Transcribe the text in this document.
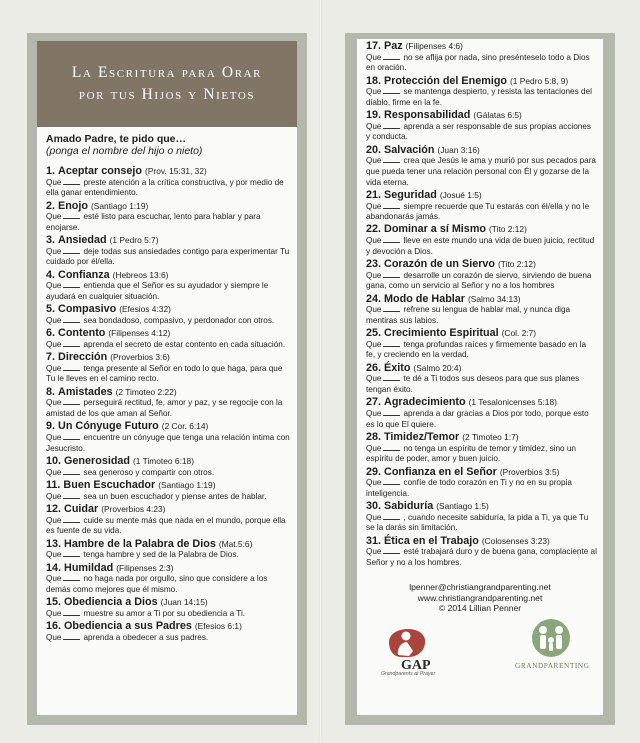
La Escritura para Orar
por tus Hijos y Nietos
Amado Padre, te pido que…
(ponga el nombre del hijo o nieto)
1. Aceptar consejo (Prov. 15:31, 32)
Que	preste atención a la crítica constructiva, y por medio de ella ganar entendimiento.
2. Enojo (Santiago 1:19)
Que	esté listo para escuchar, lento para hablar y para enojarse.
3. Ansiedad (1 Pedro 5:7)
Que	deje todas sus ansiedades contigo para experimentar Tu cuidado por él/ella.
4. Confianza (Hebreos 13:6)
Que	entienda que el Señor es su ayudador y siempre le ayudará en cualquier situación.
5. Compasivo (Efesios 4:32)
Que	sea bondadoso, compasivo, y perdonador con otros.
6. Contento (Filipenses 4:12)
Que	aprenda el secreto de estar contento en cada situación.
7. Dirección (Proverbios 3:6)
Que	tenga presente al Señor en todo lo que haga, para que Tu le lleves en el camino recto.
8. Amistades (2 Timoteo 2:22)
Que	perseguirá rectitud, fe, amor y paz, y se regocije con la amistad de los que aman al Señor.
9. Un Cónyuge Futuro (2 Cor. 6:14)
Que	encuentre un cónyuge que tenga una relación intima con Jesucristo.
10. Generosidad (1 Timoteo 6:18)
Que	sea generoso y compartir con otros.
11. Buen Escuchador (Santiago 1:19)
Que	sea un buen escuchador y piense antes de hablar.
12. Cuidar (Proverbios 4:23)
Que	cuide su mente más que nada en el mundo, porque ella es fuente de su vida.
13. Hambre de la Palabra de Dios (Mat.5:6)
Que	tenga hambre y sed de la Palabra de Dios.
14. Humildad (Filipenses 2:3)
Que	no haga nada por orgullo, sino que considere a los demás como mejores que él mismo.
15. Obediencia a Dios (Juan 14:15)
Que	muestre su amor a Ti por su obediencia a Ti.
16. Obediencia a sus Padres (Efesios 6:1)
Que	aprenda a obedecer a sus padres.
17. Paz (Filipenses 4:6)
Que	no se aflija por nada, sino presénteselo todo a Dios en oración.
18. Protección del Enemigo (1 Pedro 5:8, 9)
Que	se mantenga despierto, y resista las tentaciones del diablo, firme en la fe.
19. Responsabilidad (Gálatas 6:5)
Que	aprenda a ser responsable de sus propias acciones y conducta.
20. Salvación (Juan 3:16)
Que	crea que Jesús le ama y murió por sus pecados para que pueda tener una relación personal con Él y gozarse de la vida eterna.
21. Seguridad (Josué 1:5)
Que	siempre recuerde que Tu estarás con él/ella y no le abandonarás jamás.
22. Dominar a sí Mismo (Tito 2:12)
Que	lleve en este mundo una vida de buen juicio, rectitud y devoción a Dios.
23. Corazón de un Siervo (Tito 2:12)
Que	desarrolle un corazón de siervo, sirviendo de buena gana, como un servicio al Señor y no a los hombres
24. Modo de Hablar (Salmo 34:13)
Que	refrene su lengua de hablar mal, y nunca diga mentiras sus labios.
25. Crecimiento Espiritual (Col. 2:7)
Que	tenga profundas raíces y firmemente basado en la fe, y creciendo en la verdad.
26. Éxito (Salmo 20:4)
Que	te dé a Ti todos sus deseos para que sus planes tengan éxito.
27. Agradecimiento (1 Tesalonicenses 5:18)
Que	aprenda a dar gracias a Dios por todo, porque esto es lo que El quiere.
28. Timidez/Temor (2 Timoteo 1:7)
Que	no tenga un espíritu de temor y timidez, sino un espíritu de poder, amor y buen juicio.
29. Confianza en el Señor (Proverbios 3:5)
Que	confíe de todo corazón en Ti y no en su propia inteligencia.
30. Sabiduría (Santiago 1:5)
Que	, cuando necesite sabiduría, la pida a Ti, ya que Tu se la darás sin limitación.
31. Ética en el Trabajo (Colosenses 3:23)
Que	esté trabajará duro y de buena gana, complaciente al Señor y no a los hombres.
lpenner@christiangrandparenting.net
www.christiangrandparenting.net
© 2014 Lillian Penner
GAP
Grandparents at Prayer
GRANDPARENTING
